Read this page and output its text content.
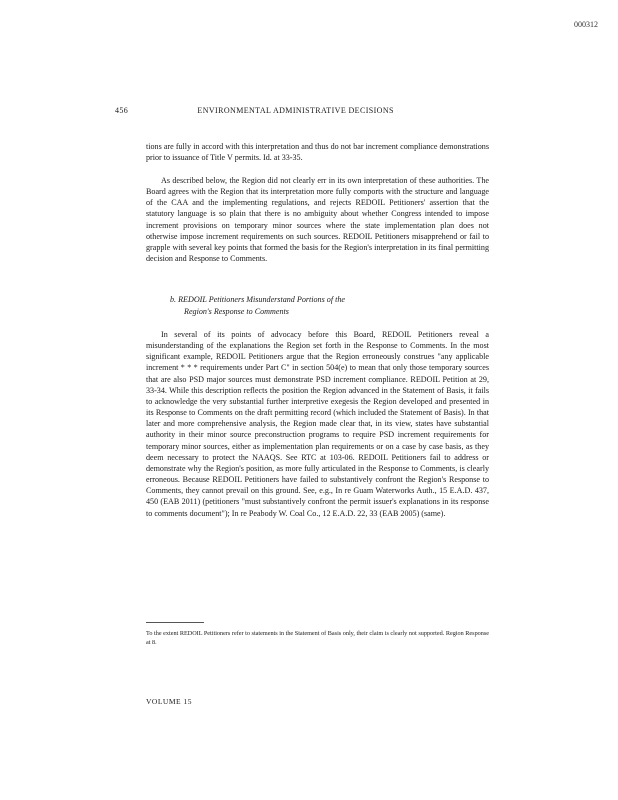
000312
456	ENVIRONMENTAL ADMINISTRATIVE DECISIONS

tions are fully in accord with this interpretation and thus do not bar increment compliance demonstrations prior to issuance of Title V permits. Id. at 33-35.

As described below, the Region did not clearly err in its own interpretation of these authorities. The Board agrees with the Region that its interpretation more fully comports with the structure and language of the CAA and the implementing regulations, and rejects REDOIL Petitioners' assertion that the statutory language is so plain that there is no ambiguity about whether Congress intended to impose increment provisions on temporary minor sources where the state implementation plan does not otherwise impose increment requirements on such sources. REDOIL Petitioners misapprehend or fail to grapple with several key points that formed the basis for the Region's interpretation in its final permitting decision and Response to Comments.

b. REDOIL Petitioners Misunderstand Portions of the
Region's Response to Comments

In several of its points of advocacy before this Board, REDOIL Petitioners reveal a misunderstanding of the explanations the Region set forth in the Response to Comments. In the most significant example, REDOIL Petitioners argue that the Region erroneously construes "any applicable increment * * * requirements under Part C" in section 504(e) to mean that only those temporary sources that are also PSD major sources must demonstrate PSD increment compliance. REDOIL Petition at 29, 33-34. While this description reflects the position the Region advanced in the Statement of Basis, it fails to acknowledge the very substantial further interpretive exegesis the Region developed and presented in its Response to Comments on the draft permitting record (which included the Statement of Basis). In that later and more comprehensive analysis, the Region made clear that, in its view, states have substantial authority in their minor source preconstruction programs to require PSD increment requirements for temporary minor sources, either as implementation plan requirements or on a case by case basis, as they deem necessary to protect the NAAQS. See RTC at 103-06. REDOIL Petitioners fail to address or demonstrate why the Region's position, as more fully articulated in the Response to Comments, is clearly erroneous. Because REDOIL Petitioners have failed to substantively confront the Region's Response to Comments, they cannot prevail on this ground. See, e.g., In re Guam Waterworks Auth., 15 E.A.D. 437, 450 (EAB 2011) (petitioners "must substantively confront the permit issuer's explanations in its response to comments document"); In re Peabody W. Coal Co., 12 E.A.D. 22, 33 (EAB 2005) (same).

To the extent REDOIL Petitioners refer to statements in the Statement of Basis only, their claim is clearly not supported. Region Response at 8.
VOLUME 15
